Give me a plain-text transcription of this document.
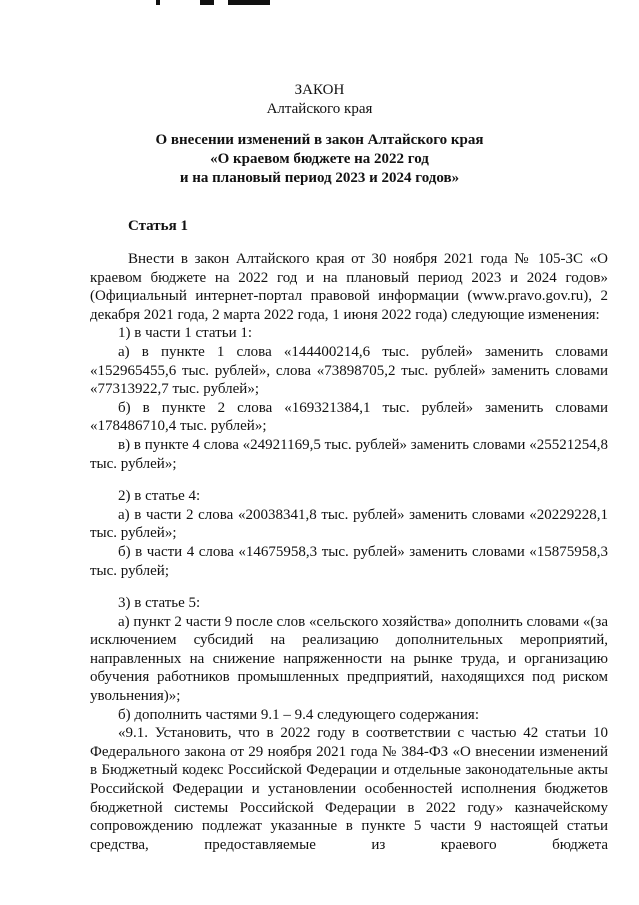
ЗАКОН
Алтайского края
О внесении изменений в закон Алтайского края
«О краевом бюджете на 2022 год
и на плановый период 2023 и 2024 годов»
Статья 1

Внести в закон Алтайского края от 30 ноября 2021 года № 105-ЗС «О краевом бюджете на 2022 год и на плановый период 2023 и 2024 годов» (Официальный интернет-портал правовой информации (www.pravo.gov.ru), 2 декабря 2021 года, 2 марта 2022 года, 1 июня 2022 года) следующие изменения:

1) в части 1 статьи 1:

а) в пункте 1 слова «144400214,6 тыс. рублей» заменить словами «152965455,6 тыс. рублей», слова «73898705,2 тыс. рублей» заменить словами «77313922,7 тыс. рублей»;

б) в пункте 2 слова «169321384,1 тыс. рублей» заменить словами «178486710,4 тыс. рублей»;

в) в пункте 4 слова «24921169,5 тыс. рублей» заменить словами «25521254,8 тыс. рублей»;

2) в статье 4:

а) в части 2 слова «20038341,8 тыс. рублей» заменить словами «20229228,1 тыс. рублей»;

б) в части 4 слова «14675958,3 тыс. рублей» заменить словами «15875958,3 тыс. рублей;

3) в статье 5:

а) пункт 2 части 9 после слов «сельского хозяйства» дополнить словами «(за исключением субсидий на реализацию дополнительных мероприятий, направленных на снижение напряженности на рынке труда, и организацию обучения работников промышленных предприятий, находящихся под риском увольнения)»;

б) дополнить частями 9.1 – 9.4 следующего содержания:

«9.1. Установить, что в 2022 году в соответствии с частью 42 статьи 10 Федерального закона от 29 ноября 2021 года № 384-ФЗ «О внесении изменений в Бюджетный кодекс Российской Федерации и отдельные законодательные акты Российской Федерации и установлении особенностей исполнения бюджетов бюджетной системы Российской Федерации в 2022 году» казначейскому сопровождению подлежат указанные в пункте 5 части 9 настоящей статьи средства, предоставляемые из краевого бюджета
